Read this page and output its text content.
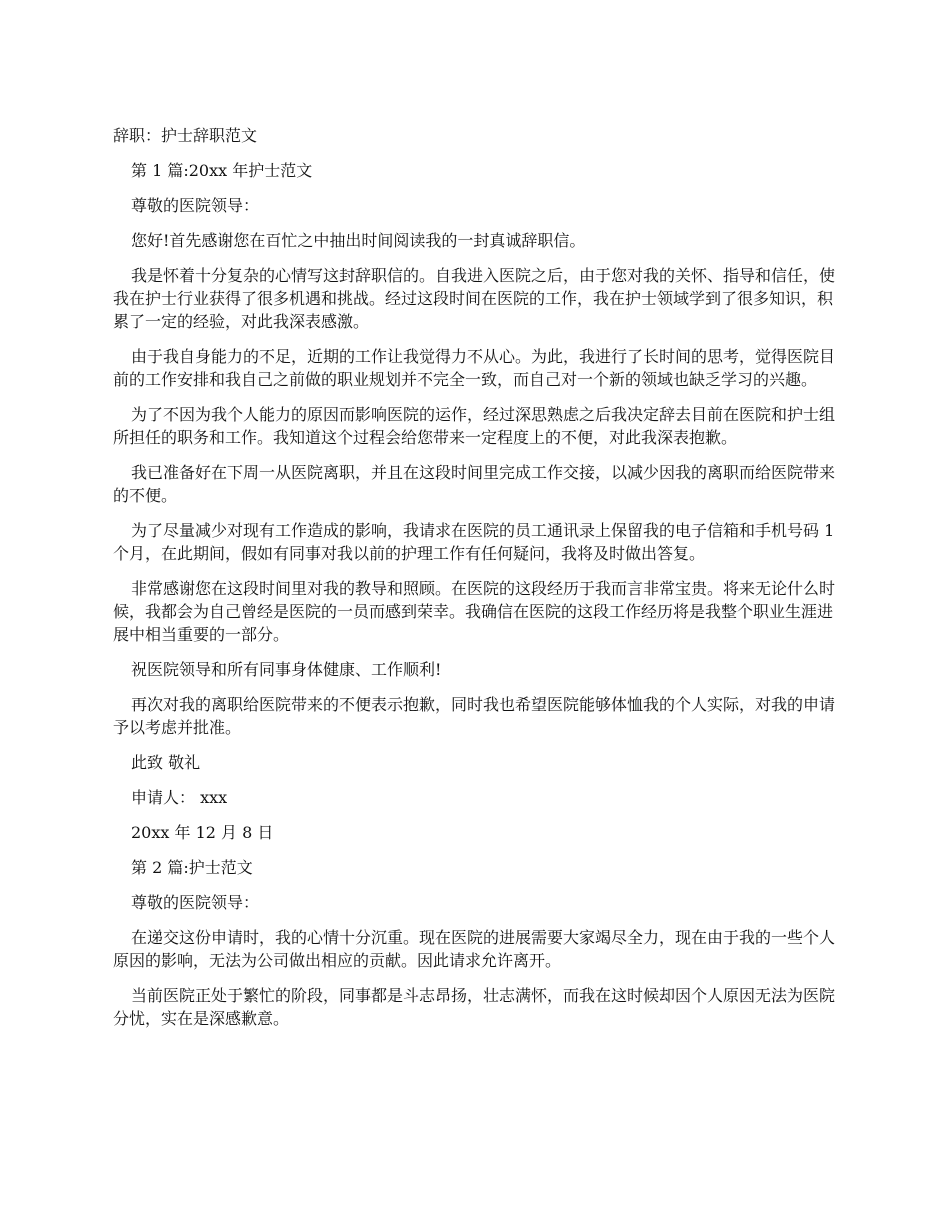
辞职：护士辞职范文

第 1 篇:20xx 年护士范文

尊敬的医院领导：

您好!首先感谢您在百忙之中抽出时间阅读我的一封真诚辞职信。

我是怀着十分复杂的心情写这封辞职信的。自我进入医院之后，由于您对我的关怀、指导和信任，使我在护士行业获得了很多机遇和挑战。经过这段时间在医院的工作，我在护士领域学到了很多知识，积累了一定的经验，对此我深表感激。

由于我自身能力的不足，近期的工作让我觉得力不从心。为此，我进行了长时间的思考，觉得医院目前的工作安排和我自己之前做的职业规划并不完全一致，而自己对一个新的领域也缺乏学习的兴趣。

为了不因为我个人能力的原因而影响医院的运作，经过深思熟虑之后我决定辞去目前在医院和护士组所担任的职务和工作。我知道这个过程会给您带来一定程度上的不便，对此我深表抱歉。

我已准备好在下周一从医院离职，并且在这段时间里完成工作交接，以减少因我的离职而给医院带来的不便。

为了尽量减少对现有工作造成的影响，我请求在医院的员工通讯录上保留我的电子信箱和手机号码 1 个月，在此期间，假如有同事对我以前的护理工作有任何疑问，我将及时做出答复。

非常感谢您在这段时间里对我的教导和照顾。在医院的这段经历于我而言非常宝贵。将来无论什么时候，我都会为自己曾经是医院的一员而感到荣幸。我确信在医院的这段工作经历将是我整个职业生涯进展中相当重要的一部分。

祝医院领导和所有同事身体健康、工作顺利!

再次对我的离职给医院带来的不便表示抱歉，同时我也希望医院能够体恤我的个人实际，对我的申请予以考虑并批准。

此致 敬礼

申请人： xxx

20xx 年 12 月 8 日

第 2 篇:护士范文

尊敬的医院领导：

在递交这份申请时，我的心情十分沉重。现在医院的进展需要大家竭尽全力，现在由于我的一些个人原因的影响，无法为公司做出相应的贡献。因此请求允许离开。

当前医院正处于繁忙的阶段，同事都是斗志昂扬，壮志满怀，而我在这时候却因个人原因无法为医院分忧，实在是深感歉意。
